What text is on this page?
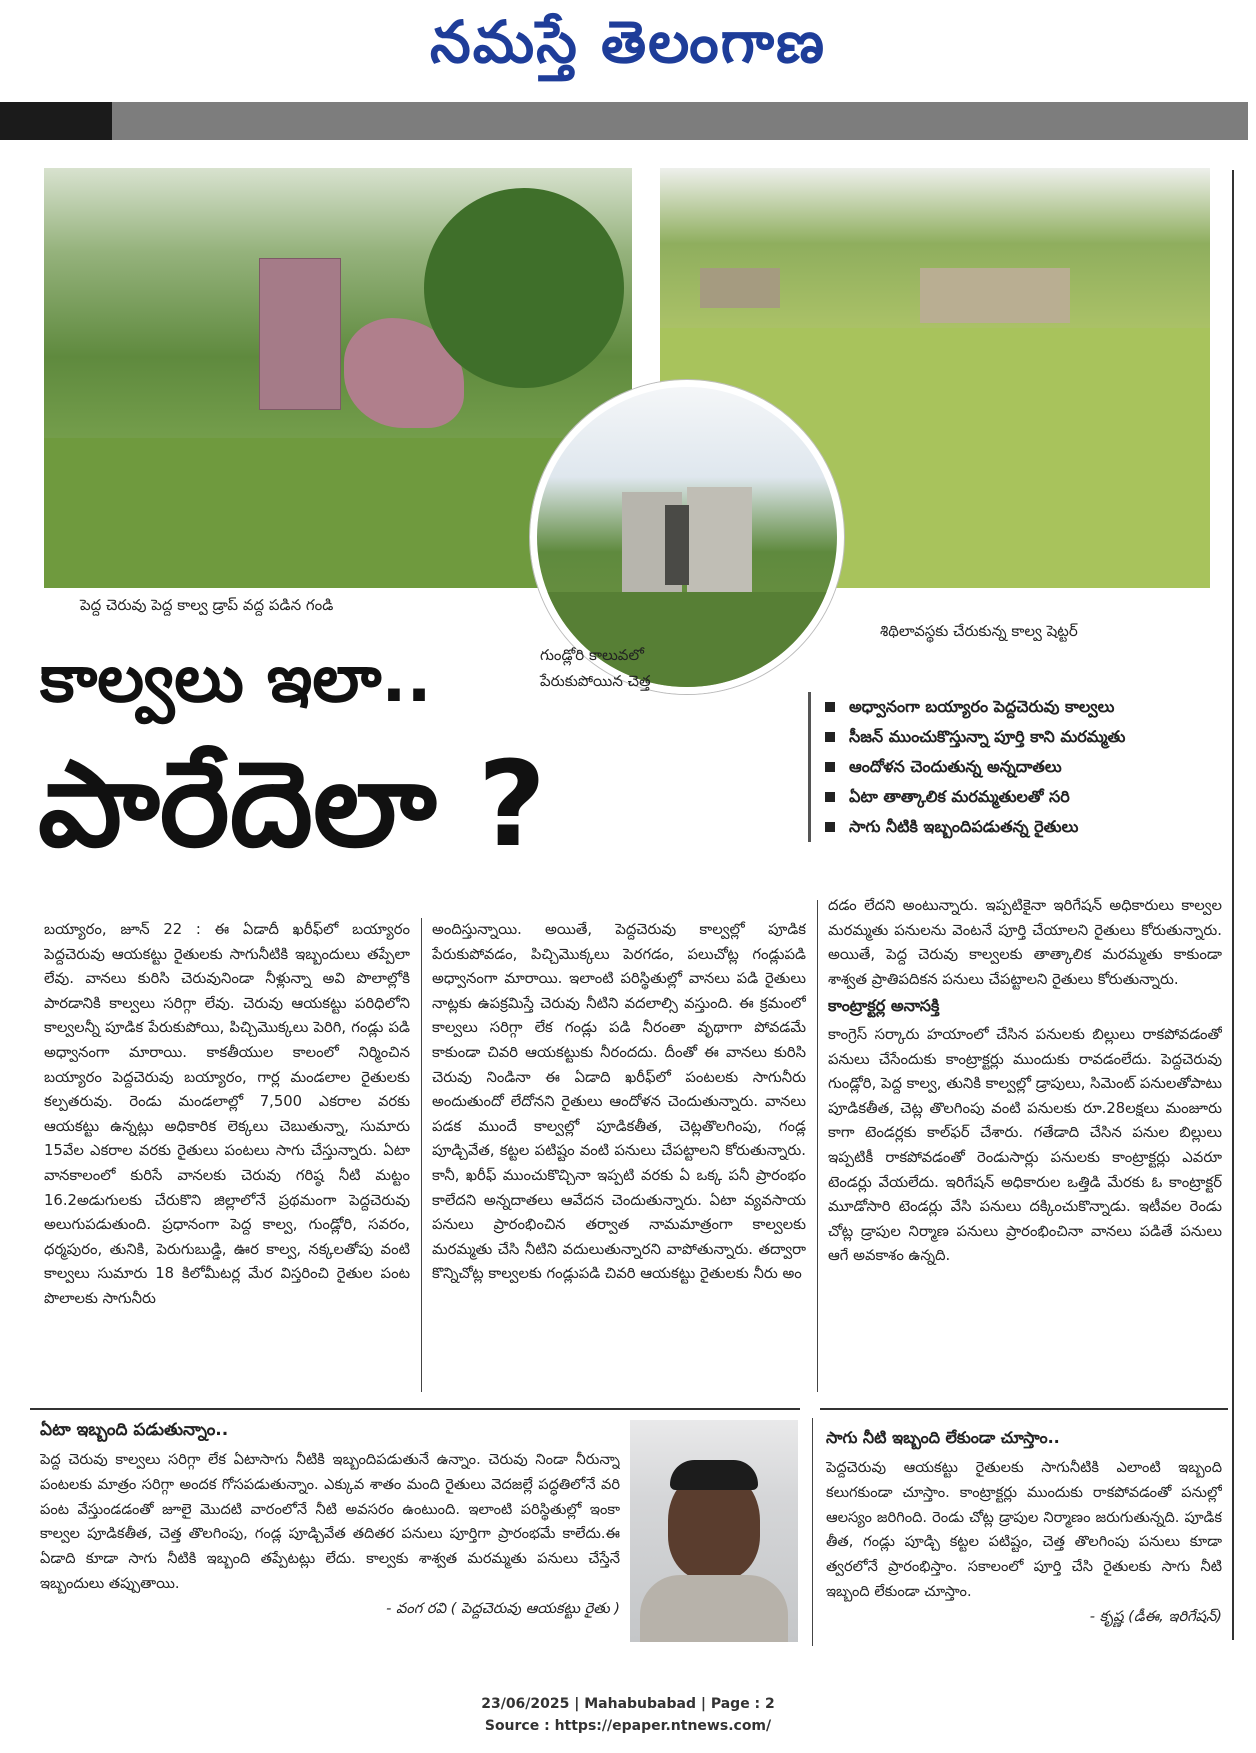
నమస్తే తెలంగాణ
పెద్ద చెరువు పెద్ద కాల్వ డ్రాప్ వద్ద పడిన గండి
గుండ్లోరి కాలువలో
పేరుకుపోయిన చెత్త
శిథిలావస్థకు చేరుకున్న కాల్వ షెట్టర్
కాల్వలు ఇలా..
పారేదెలా ?
అధ్వానంగా బయ్యారం పెద్దచెరువు కాల్వలు
సీజన్ ముంచుకొస్తున్నా పూర్తి కాని మరమ్మతు
ఆందోళన చెందుతున్న అన్నదాతలు
ఏటా తాత్కాలిక మరమ్మతులతో సరి
సాగు నీటికి ఇబ్బందిపడుతన్న రైతులు

బయ్యారం, జూన్ 22 : ఈ ఏడాదీ ఖరీఫ్‌లో బయ్యారం పెద్దచెరువు ఆయకట్టు రైతులకు సాగునీటికి ఇబ్బందులు తప్పేలా లేవు. వానలు కురిసి చెరువునిండా నీళ్లున్నా అవి పొలాల్లోకి పారడానికి కాల్వలు సరిగ్గా లేవు. చెరువు ఆయకట్టు పరిధిలోని కాల్వలన్నీ పూడిక పేరుకుపోయి, పిచ్చిమొక్కలు పెరిగి, గండ్లు పడి అధ్వానంగా మారాయి. కాకతీయుల కాలంలో నిర్మించిన బయ్యారం పెద్దచెరువు బయ్యారం, గార్ల మండలాల రైతులకు కల్పతరువు. రెండు మండలాల్లో 7,500 ఎకరాల వరకు ఆయకట్టు ఉన్నట్లు అధికారిక లెక్కలు చెబుతున్నా, సుమారు 15వేల ఎకరాల వరకు రైతులు పంటలు సాగు చేస్తున్నారు. ఏటా వానకాలంలో కురిసే వానలకు చెరువు గరిష్ఠ నీటి మట్టం 16.2అడుగులకు చేరుకొని జిల్లాలోనే ప్రథమంగా పెద్దచెరువు అలుగుపడుతుంది. ప్రధానంగా పెద్ద కాల్వ, గుండ్లోరి, సవరం, ధర్మపురం, తునికి, పెరుగుబుడ్డి, ఊర కాల్వ, నక్కలతోపు వంటి కాల్వలు సుమారు 18 కిలోమీటర్ల మేర విస్తరించి రైతుల పంట పొలాలకు సాగునీరు

అందిస్తున్నాయి. అయితే, పెద్దచెరువు కాల్వల్లో పూడిక పేరుకుపోవడం, పిచ్చిమొక్కలు పెరగడం, పలుచోట్ల గండ్లుపడి అధ్వానంగా మారాయి. ఇలాంటి పరిస్థితుల్లో వానలు పడి రైతులు నాట్లకు ఉపక్రమిస్తే చెరువు నీటిని వదలాల్సి వస్తుంది. ఈ క్రమంలో కాల్వలు సరిగ్గా లేక గండ్లు పడి నీరంతా వృథాగా పోవడమే కాకుండా చివరి ఆయకట్టుకు నీరందదు. దీంతో ఈ వానలు కురిసి చెరువు నిండినా ఈ ఏడాది ఖరీఫ్‌లో పంటలకు సాగునీరు అందుతుందో లేదోనని రైతులు ఆందోళన చెందుతున్నారు. వానలు పడక ముందే కాల్వల్లో పూడికతీత, చెట్లతొలగింపు, గండ్ల పూడ్చివేత, కట్టల పటిష్టం వంటి పనులు చేపట్టాలని కోరుతున్నారు. కానీ, ఖరీఫ్ ముంచుకొచ్చినా ఇప్పటి వరకు ఏ ఒక్క పనీ ప్రారంభం కాలేదని అన్నదాతలు ఆవేదన చెందుతున్నారు. ఏటా వ్యవసాయ పనులు ప్రారంభించిన తర్వాత నామమాత్రంగా కాల్వలకు మరమ్మతు చేసి నీటిని వదులుతున్నారని వాపోతున్నారు. తద్వారా కొన్నిచోట్ల కాల్వలకు గండ్లుపడి చివరి ఆయకట్టు రైతులకు నీరు అం

దడం లేదని అంటున్నారు. ఇప్పటికైనా ఇరిగేషన్ అధికారులు కాల్వల మరమ్మతు పనులను వెంటనే పూర్తి చేయాలని రైతులు కోరుతున్నారు. అయితే, పెద్ద చెరువు కాల్వలకు తాత్కాలిక మరమ్మతు కాకుండా శాశ్వత ప్రాతిపదికన పనులు చేపట్టాలని రైతులు కోరుతున్నారు.

కాంట్రాక్టర్ల అనాసక్తి

కాంగ్రెస్ సర్కారు హయాంలో చేసిన పనులకు బిల్లులు రాకపోవడంతో పనులు చేసేందుకు కాంట్రాక్టర్లు ముందుకు రావడంలేదు. పెద్దచెరువు గుండ్లోరి, పెద్ద కాల్వ, తునికి కాల్వల్లో డ్రాపులు, సిమెంట్ పనులతోపాటు పూడికతీత, చెట్ల తొలగింపు వంటి పనులకు రూ.28లక్షలు మంజూరు కాగా టెండర్లకు కాల్‌ఫర్ చేశారు. గతేడాది చేసిన పనుల బిల్లులు ఇప్పటికీ రాకపోవడంతో రెండుసార్లు పనులకు కాంట్రాక్టర్లు ఎవరూ టెండర్లు వేయలేదు. ఇరిగేషన్ అధికారుల ఒత్తిడి మేరకు ఓ కాంట్రాక్టర్ మూడోసారి టెండర్లు వేసి పనులు దక్కించుకొన్నాడు. ఇటీవల రెండు చోట్ల డ్రాపుల నిర్మాణ పనులు ప్రారంభించినా వానలు పడితే పనులు ఆగే అవకాశం ఉన్నది.

ఏటా ఇబ్బంది పడుతున్నాం..

పెద్ద చెరువు కాల్వలు సరిగ్గా లేక ఏటాసాగు నీటికి ఇబ్బందిపడుతునే ఉన్నాం. చెరువు నిండా నీరున్నా పంటలకు మాత్రం సరిగ్గా అందక గోసపడుతున్నాం. ఎక్కువ శాతం మంది రైతులు వెదజల్లే పద్ధతిలోనే వరి పంట వేస్తుండడంతో జూలై మొదటి వారంలోనే నీటి అవసరం ఉంటుంది. ఇలాంటి పరిస్థితుల్లో ఇంకా కాల్వల పూడికతీత, చెత్త తొలగింపు, గండ్ల పూడ్చివేత తదితర పనులు పూర్తిగా ప్రారంభమే కాలేదు.ఈ ఏడాది కూడా సాగు నీటికి ఇబ్బంది తప్పేటట్లు లేదు. కాల్వకు శాశ్వత మరమ్మతు పనులు చేస్తేనే ఇబ్బందులు తప్పుతాయి.

- వంగ రవి ( పెద్దచెరువు ఆయకట్టు రైతు )

సాగు నీటి ఇబ్బంది లేకుండా చూస్తాం..

పెద్దచెరువు ఆయకట్టు రైతులకు సాగునీటికి ఎలాంటి ఇబ్బంది కలుగకుండా చూస్తాం. కాంట్రాక్టర్లు ముందుకు రాకపోవడంతో పనుల్లో ఆలస్యం జరిగింది. రెండు చోట్ల డ్రాపుల నిర్మాణం జరుగుతున్నది. పూడిక తీత, గండ్లు పూడ్చి కట్టల పటిష్టం, చెత్త తొలగింపు పనులు కూడా త్వరలోనే ప్రారంభిస్తాం. సకాలంలో పూర్తి చేసి రైతులకు సాగు నీటి ఇబ్బంది లేకుండా చూస్తాం.

- కృష్ణ (డీఈ, ఇరిగేషన్)

23/06/2025 | Mahabubabad | Page : 2
Source : https://epaper.ntnews.com/
